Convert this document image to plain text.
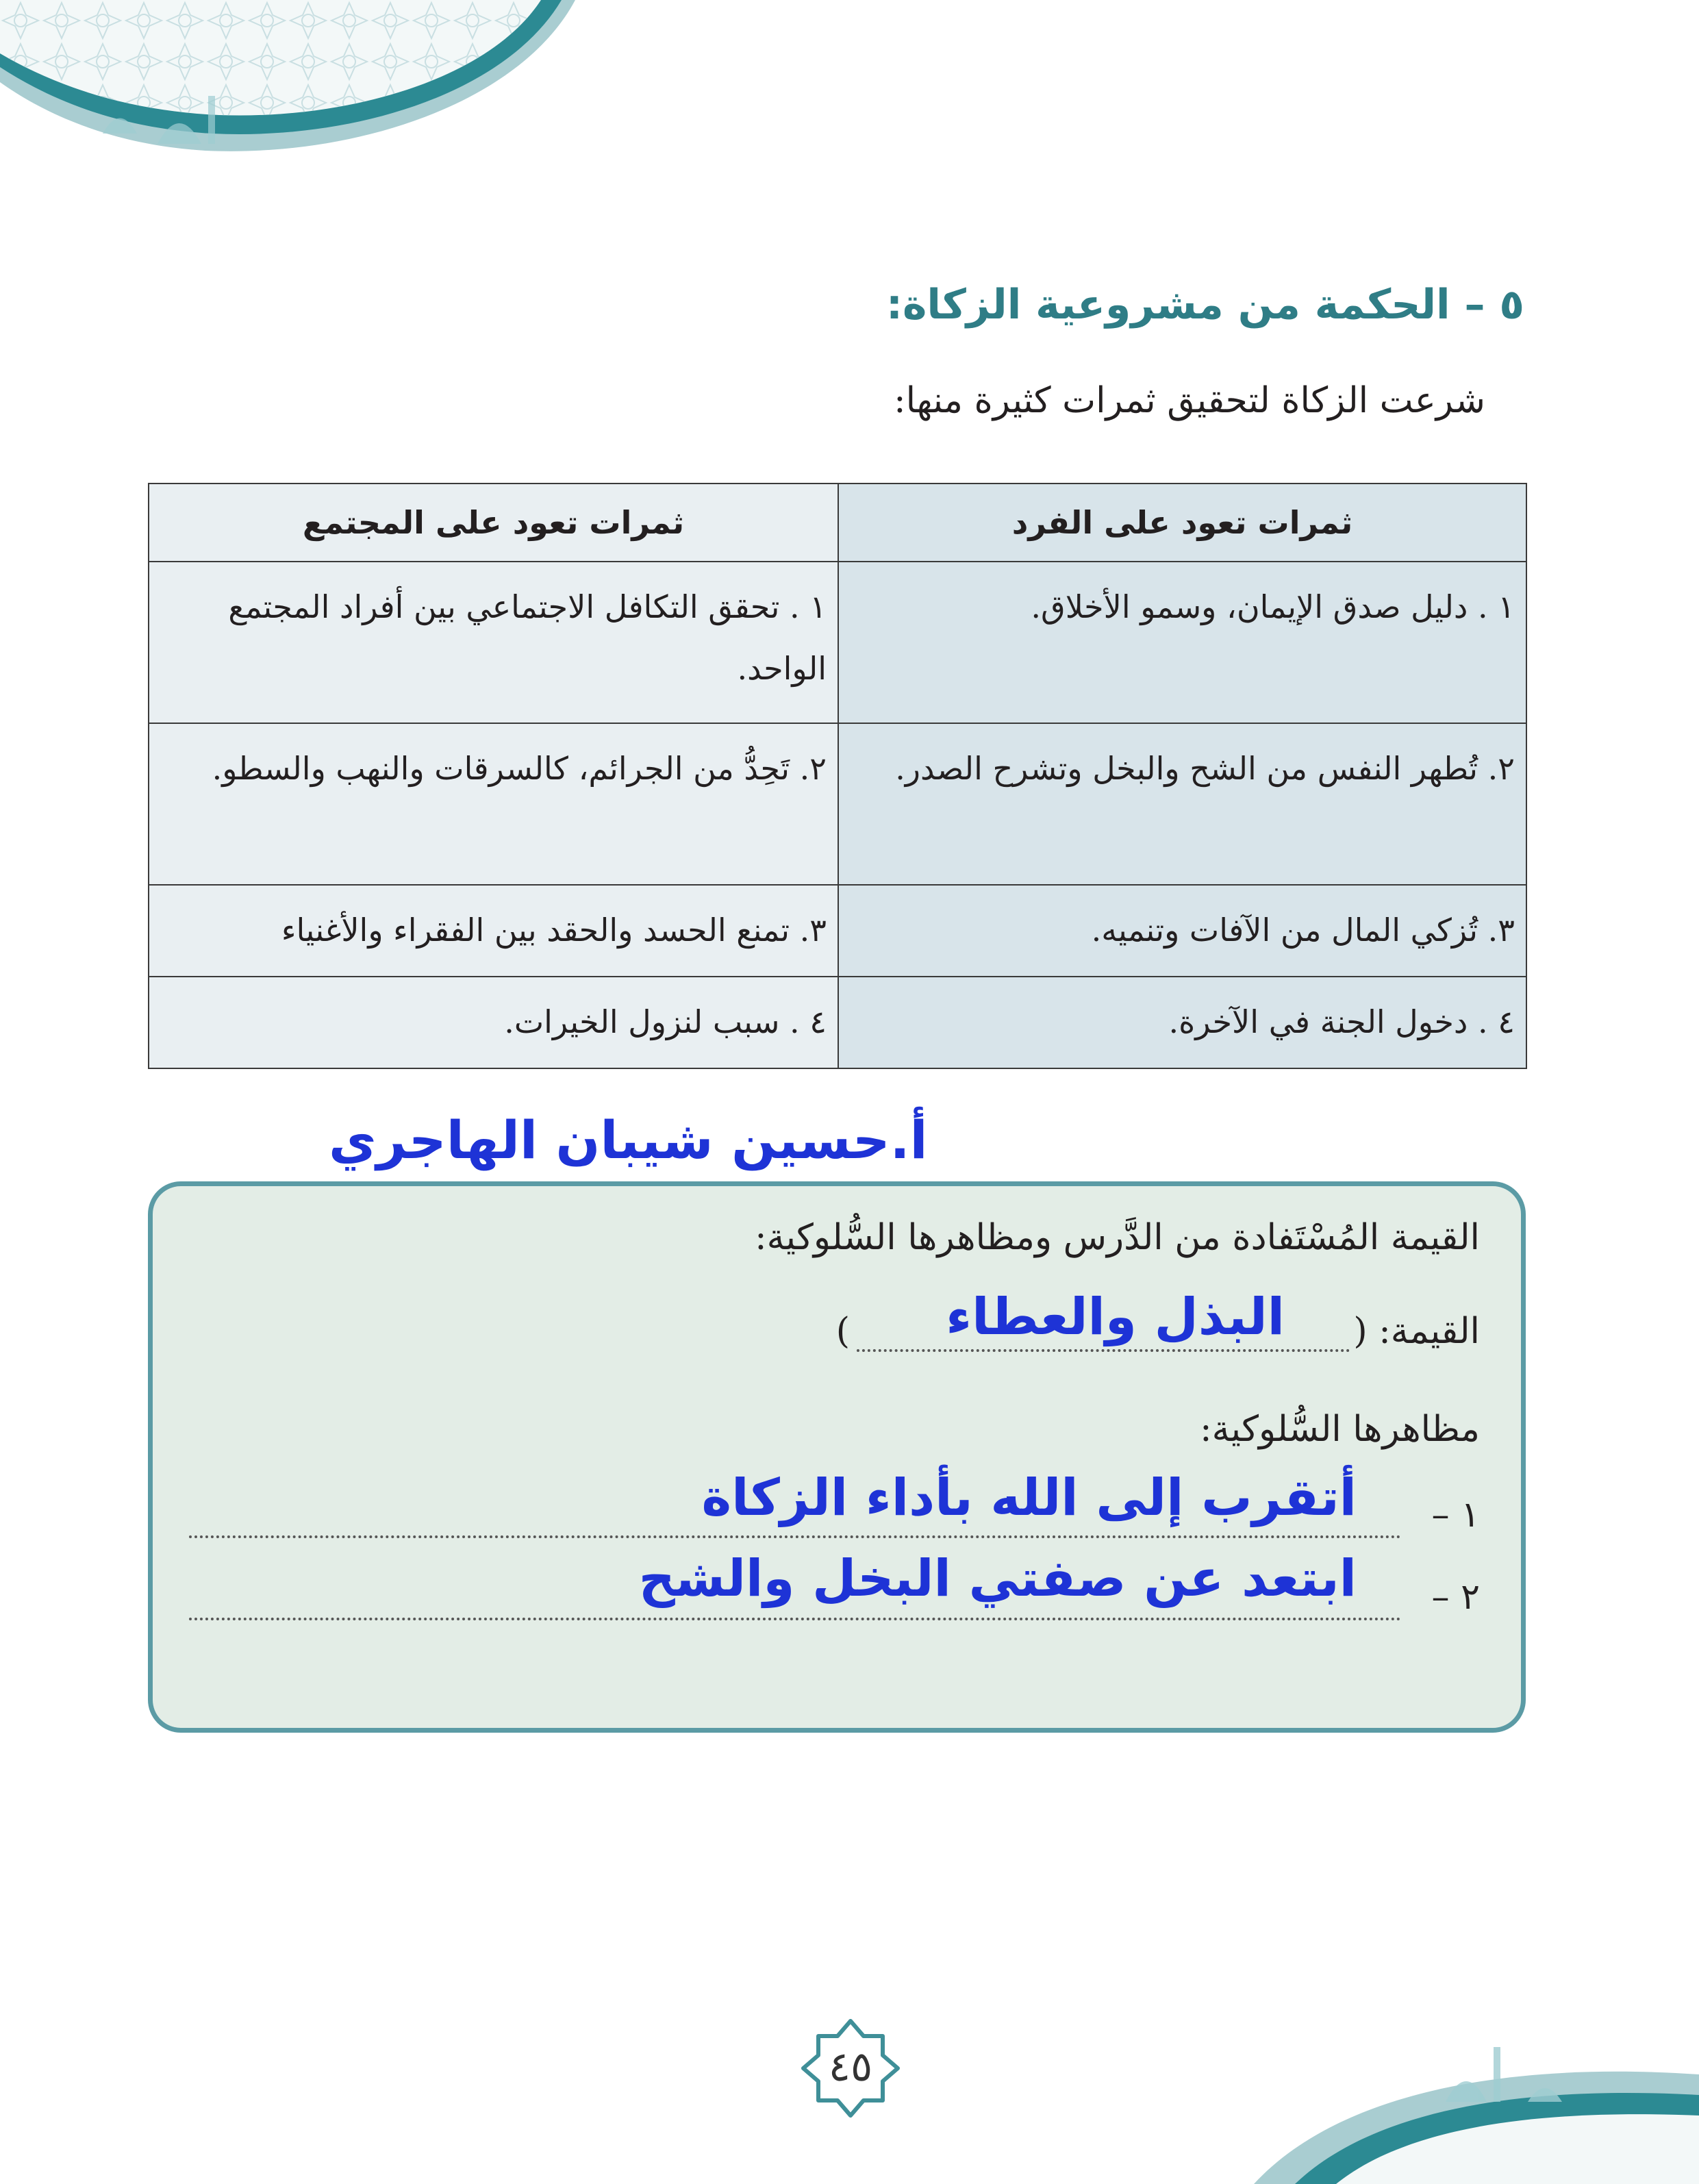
٥ – الحكمة من مشروعية الزكاة:

شرعت الزكاة لتحقيق ثمرات كثيرة منها:

ثمرات تعود على الفرد	ثمرات تعود على المجتمع
١ . دليل صدق الإيمان، وسمو الأخلاق.	١ . تحقق التكافل الاجتماعي بين أفراد المجتمع الواحد.
٢. تُطهر النفس من الشح والبخل وتشرح الصدر.	٢. تَحِدُّ من الجرائم، كالسرقات والنهب والسطو.
٣. تُزكي المال من الآفات وتنميه.	٣. تمنع الحسد والحقد بين الفقراء والأغنياء
٤ . دخول الجنة في الآخرة.	٤ . سبب لنزول الخيرات.

أ.حسين شيبان الهاجري

القيمة المُسْتَفادة من الدَّرس ومظاهرها السُّلوكية:

القيمة: (

) البذل والعطاء

مظاهرها السُّلوكية:

١ –
أتقرب إلى الله بأداء الزكاة
٢ –
ابتعد عن صفتي البخل والشح
٤٥
